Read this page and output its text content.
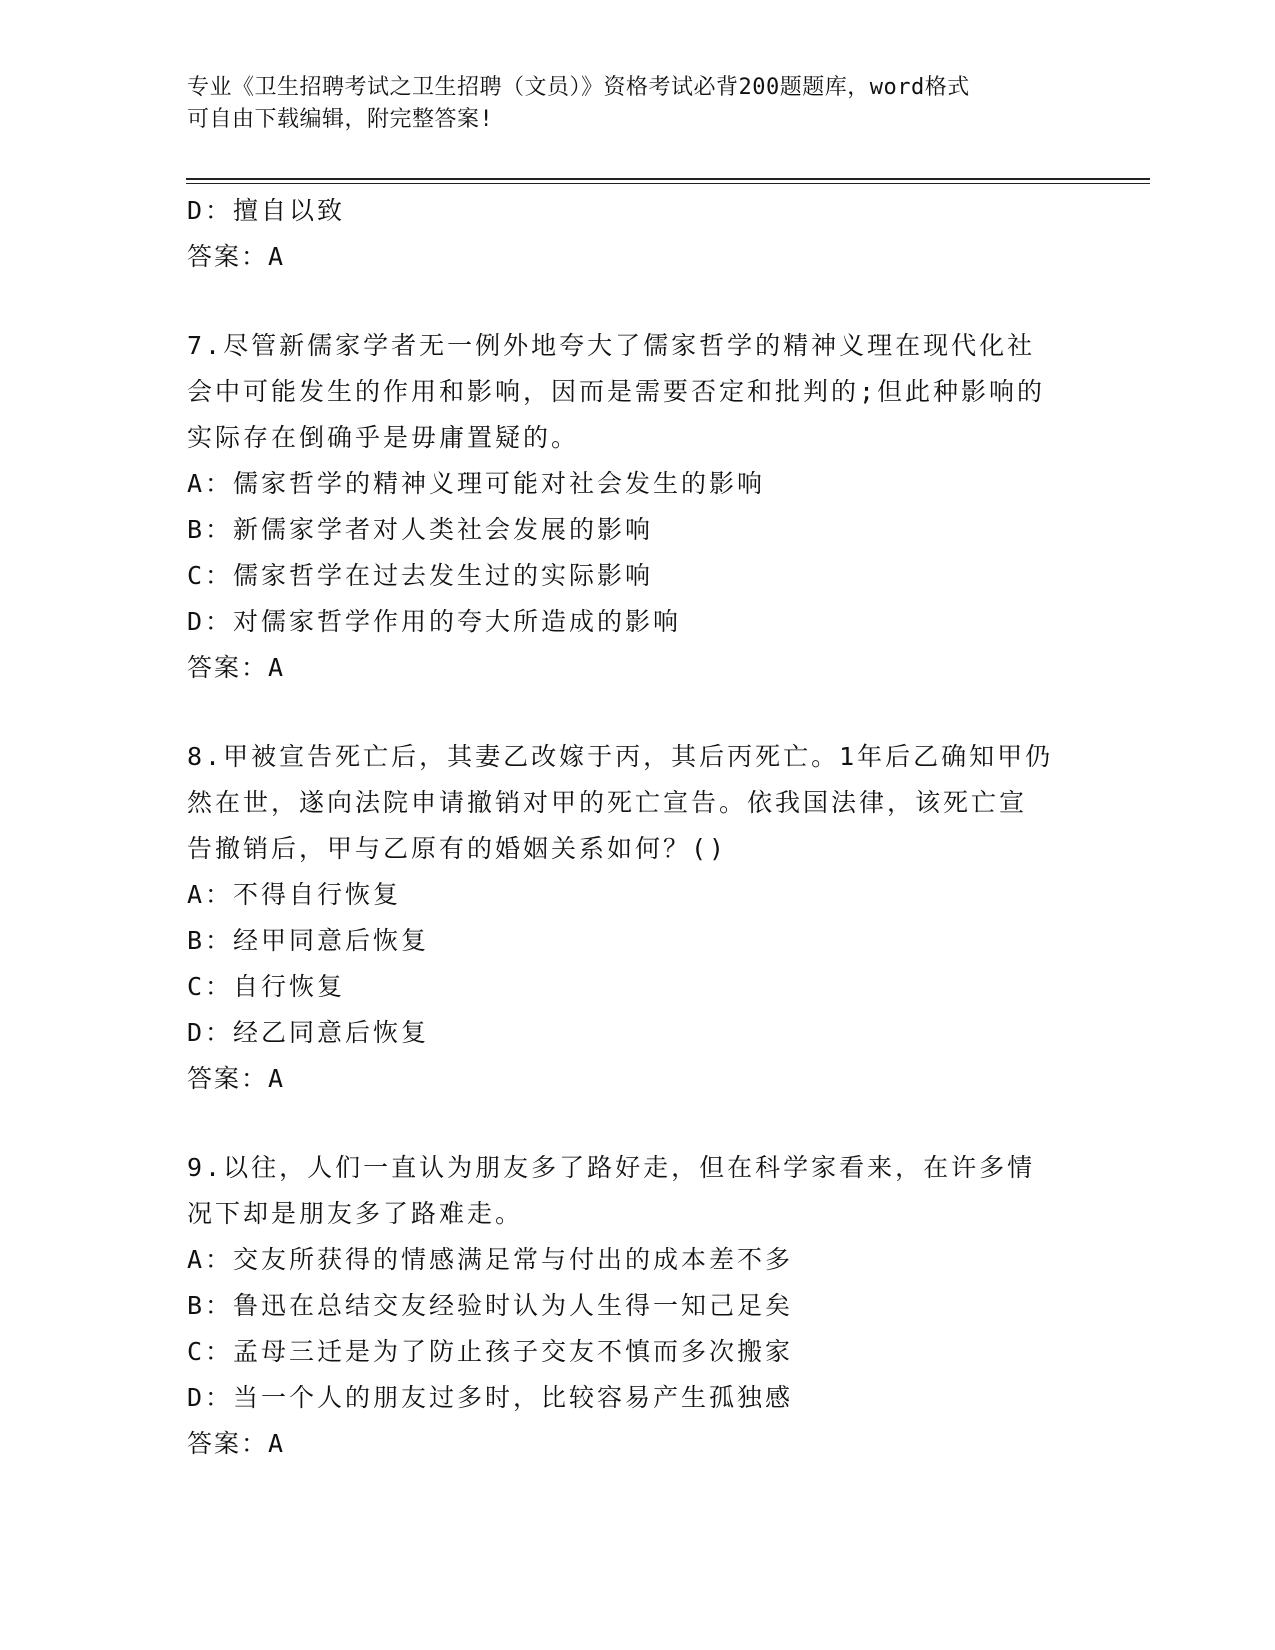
专业《卫生招聘考试之卫生招聘（文员）》资格考试必背200题题库，word格式
可自由下载编辑，附完整答案!
D：擅自以致
答案：A
7.尽管新儒家学者无一例外地夸大了儒家哲学的精神义理在现代化社
会中可能发生的作用和影响，因而是需要否定和批判的;但此种影响的
实际存在倒确乎是毋庸置疑的。
A：儒家哲学的精神义理可能对社会发生的影响
B：新儒家学者对人类社会发展的影响
C：儒家哲学在过去发生过的实际影响
D：对儒家哲学作用的夸大所造成的影响
答案：A
8.甲被宣告死亡后，其妻乙改嫁于丙，其后丙死亡。1年后乙确知甲仍
然在世，遂向法院申请撤销对甲的死亡宣告。依我国法律，该死亡宣
告撤销后，甲与乙原有的婚姻关系如何？()
A：不得自行恢复
B：经甲同意后恢复
C：自行恢复
D：经乙同意后恢复
答案：A
9.以往，人们一直认为朋友多了路好走，但在科学家看来，在许多情
况下却是朋友多了路难走。
A：交友所获得的情感满足常与付出的成本差不多
B：鲁迅在总结交友经验时认为人生得一知己足矣
C：孟母三迁是为了防止孩子交友不慎而多次搬家
D：当一个人的朋友过多时，比较容易产生孤独感
答案：A
